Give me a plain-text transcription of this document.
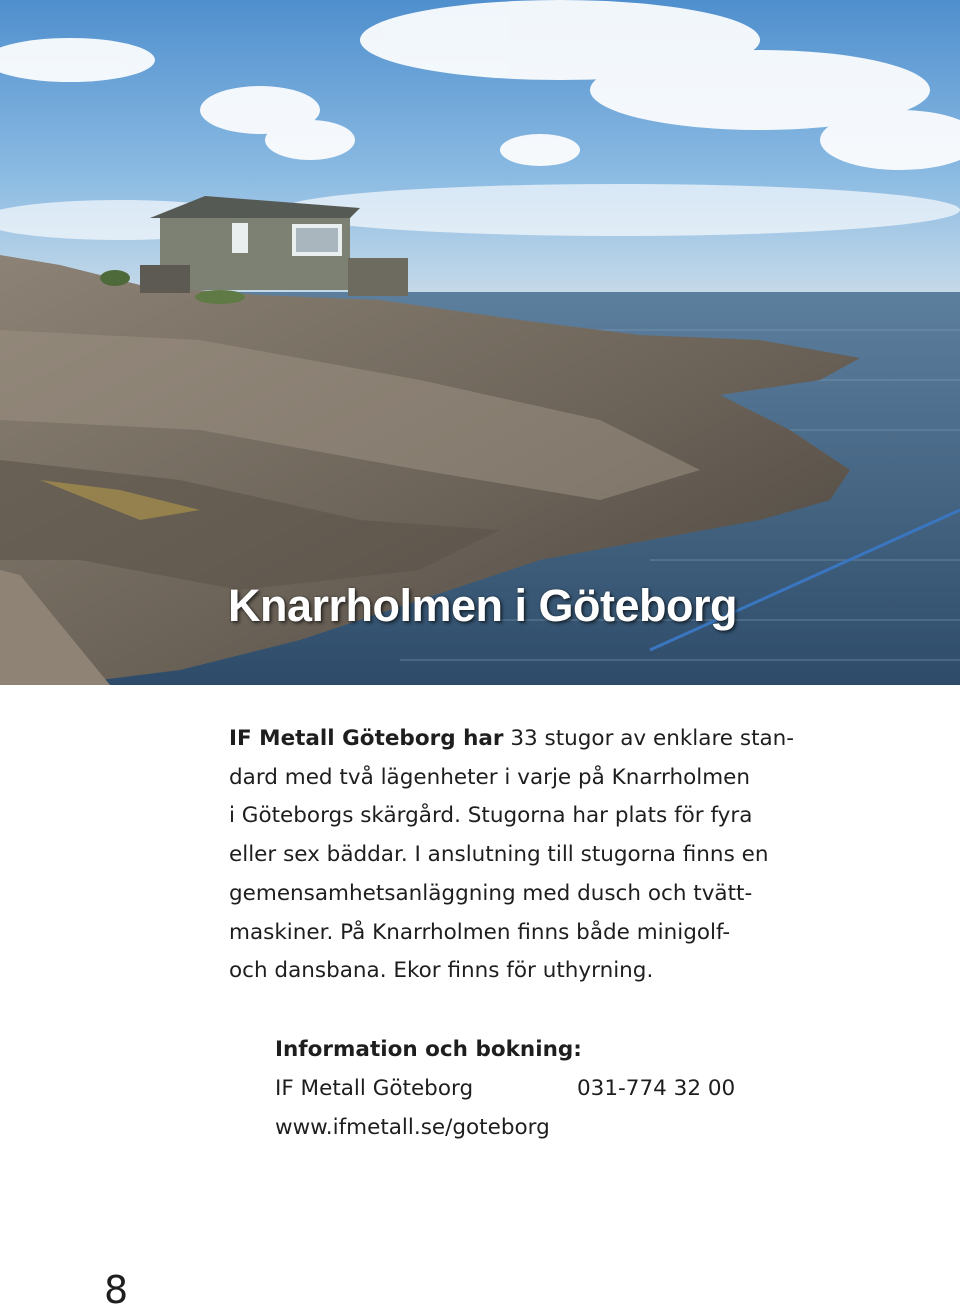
Knarrholmen i Göteborg

IF Metall Göteborg har 33 stugor av enklare stan-
dard med två lägenheter i varje på Knarrholmen
i Göteborgs skärgård. Stugorna har plats för fyra
eller sex bäddar. I anslutning till stugorna finns en
gemensamhetsanläggning med dusch och tvätt-
maskiner. På Knarrholmen finns både minigolf-
och dansbana. Ekor finns för uthyrning.

Information och bokning:
IF Metall Göteborg	031-774 32 00
www.ifmetall.se/goteborg
8
